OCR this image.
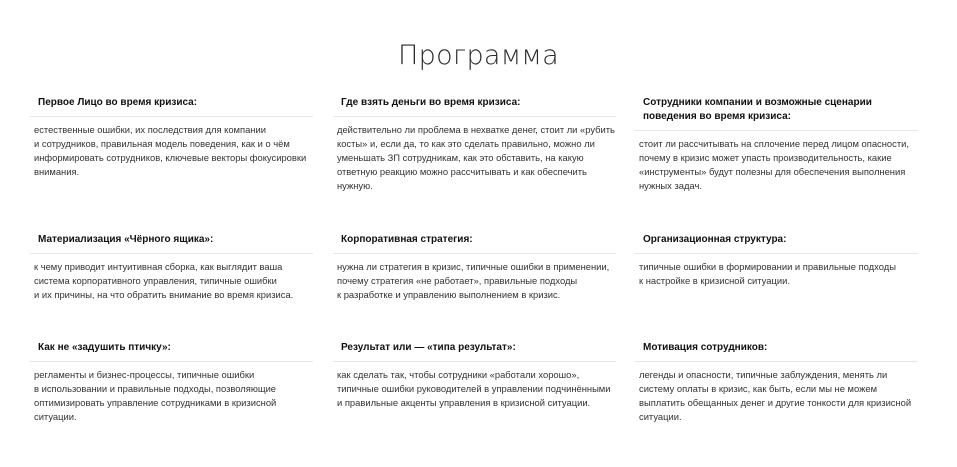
Программа
Первое Лицо во время кризиса:
естественные ошибки, их последствия для компании
и сотрудников, правильная модель поведения, как и о чём
информировать сотрудников, ключевые векторы фокусировки
внимания.
Где взять деньги во время кризиса:
действительно ли проблема в нехватке денег, стоит ли «рубить
косты» и, если да, то как это сделать правильно, можно ли
уменьшать ЗП сотрудникам, как это обставить, на какую
ответную реакцию можно рассчитывать и как обеспечить
нужную.
Сотрудники компании и возможные сценарии
поведения во время кризиса:
стоит ли рассчитывать на сплочение перед лицом опасности,
почему в кризис может упасть производительность, какие
«инструменты» будут полезны для обеспечения выполнения
нужных задач.
Материализация «Чёрного ящика»:
к чему приводит интуитивная сборка, как выглядит ваша
система корпоративного управления, типичные ошибки
и их причины, на что обратить внимание во время кризиса.
Корпоративная стратегия:
нужна ли стратегия в кризис, типичные ошибки в применении,
почему стратегия «не работает», правильные подходы
к разработке и управлению выполнением в кризис.
Организационная структура:
типичные ошибки в формировании и правильные подходы
к настройке в кризисной ситуации.
Как не «задушить птичку»:
регламенты и бизнес-процессы, типичные ошибки
в использовании и правильные подходы, позволяющие
оптимизировать управление сотрудниками в кризисной
ситуации.
Результат или — «типа результат»:
как сделать так, чтобы сотрудники «работали хорошо»,
типичные ошибки руководителей в управлении подчинёнными
и правильные акценты управления в кризисной ситуации.
Мотивация сотрудников:
легенды и опасности, типичные заблуждения, менять ли
систему оплаты в кризис, как быть, если мы не можем
выплатить обещанных денег и другие тонкости для кризисной
ситуации.
